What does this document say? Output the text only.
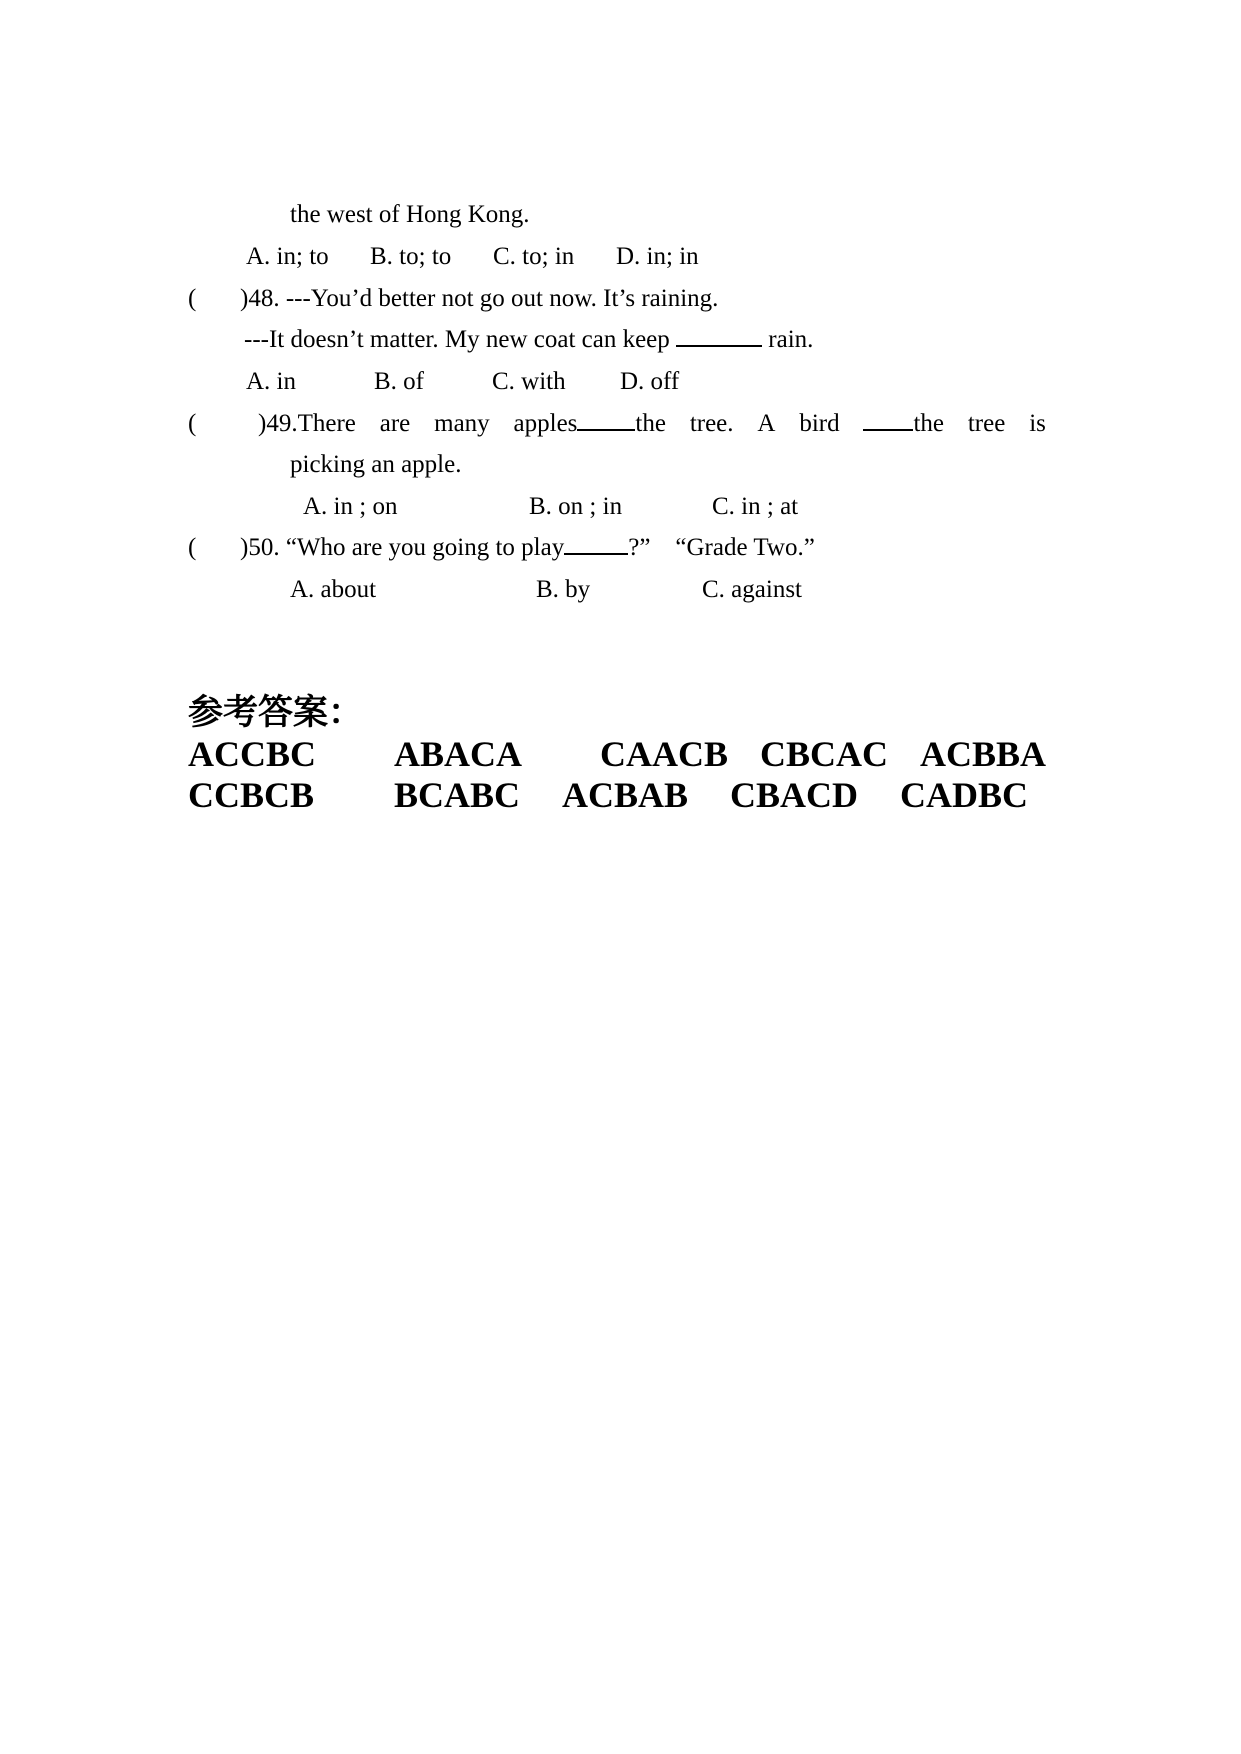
the west of Hong Kong.
A. in; to B. to; to C. to; in D. in; in
( )48. ---You’d better not go out now. It’s raining.
---It doesn’t matter. My new coat can keep	rain.
A. in	B. of	C. with D. off
( )49.There are many apples the tree. A bird	the tree is
picking an apple.
A. in ; on	B. on ; in	C. in ; at
( )50. “Who are you going to play	?”    “Grade Two.”
A. about	B. by	C. against
参考答案：
ACCBC ABACA CAACB CBCAC ACBBA
CCBCB BCABC ACBAB CBACD CADBC
